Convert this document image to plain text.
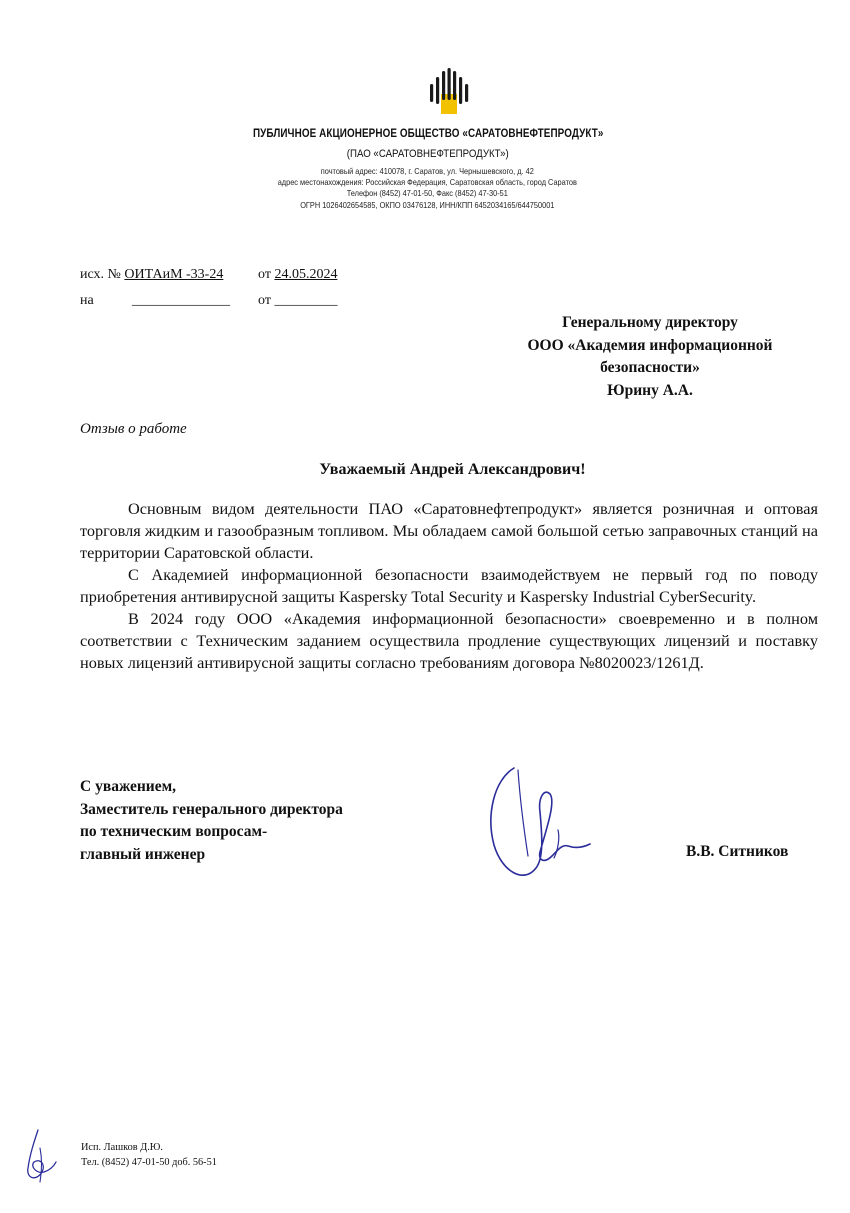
ПУБЛИЧНОЕ АКЦИОНЕРНОЕ ОБЩЕСТВО «САРАТОВНЕФТЕПРОДУКТ»
(ПАО «САРАТОВНЕФТЕПРОДУКТ»)
почтовый адрес: 410078, г. Саратов, ул. Чернышевского, д. 42
адрес местонахождения: Российская Федерация, Саратовская область, город Саратов
Телефон (8452) 47-01-50, Факс (8452) 47-30-51
ОГРН 1026402654585, ОКПО 03476128, ИНН/КПП 6452034165/644750001
исх. № ОИТАиМ -33-24 от 24.05.2024
на	______________ от _________
Генеральному директору
ООО «Академия информационной
безопасности»
Юрину А.А.
Отзыв о работе
Уважаемый Андрей Александрович!

Основным видом деятельности ПАО «Саратовнефтепродукт» является розничная и оптовая торговля жидким и газообразным топливом. Мы обладаем самой большой сетью заправочных станций на территории Саратовской области.

С Академией информационной безопасности взаимодействуем не первый год по поводу приобретения антивирусной защиты Kaspersky Total Security и Kaspersky Industrial CyberSecurity.

В 2024 году ООО «Академия информационной безопасности» своевременно и в полном соответствии с Техническим заданием осуществила продление существующих лицензий и поставку новых лицензий антивирусной защиты согласно требованиям договора №8020023/1261Д.

С уважением,
Заместитель генерального директора
по техническим вопросам-
главный инженер	В.В. Ситников
Исп. Лашков Д.Ю.
Тел. (8452) 47-01-50 доб. 56-51
